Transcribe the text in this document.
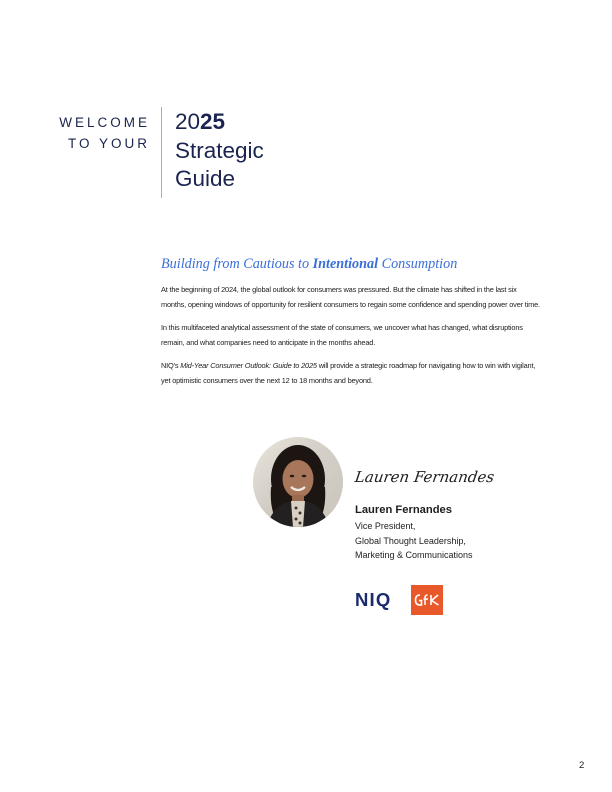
WELCOME
TO YOUR
2025
Strategic
Guide
Building from Cautious to Intentional Consumption

At the beginning of 2024, the global outlook for consumers was pressured. But the climate has shifted in the last six months, opening windows of opportunity for resilient consumers to regain some confidence and spending power over time.

In this multifaceted analytical assessment of the state of consumers, we uncover what has changed, what disruptions remain, and what companies need to anticipate in the months ahead.

NIQ's Mid-Year Consumer Outlook: Guide to 2025 will provide a strategic roadmap for navigating how to win with vigilant, yet optimistic consumers over the next 12 to 18 months and beyond.

Lauren Fernandes
Lauren Fernandes
Vice President,
Global Thought Leadership,
Marketing & Communications
NIQ
2
